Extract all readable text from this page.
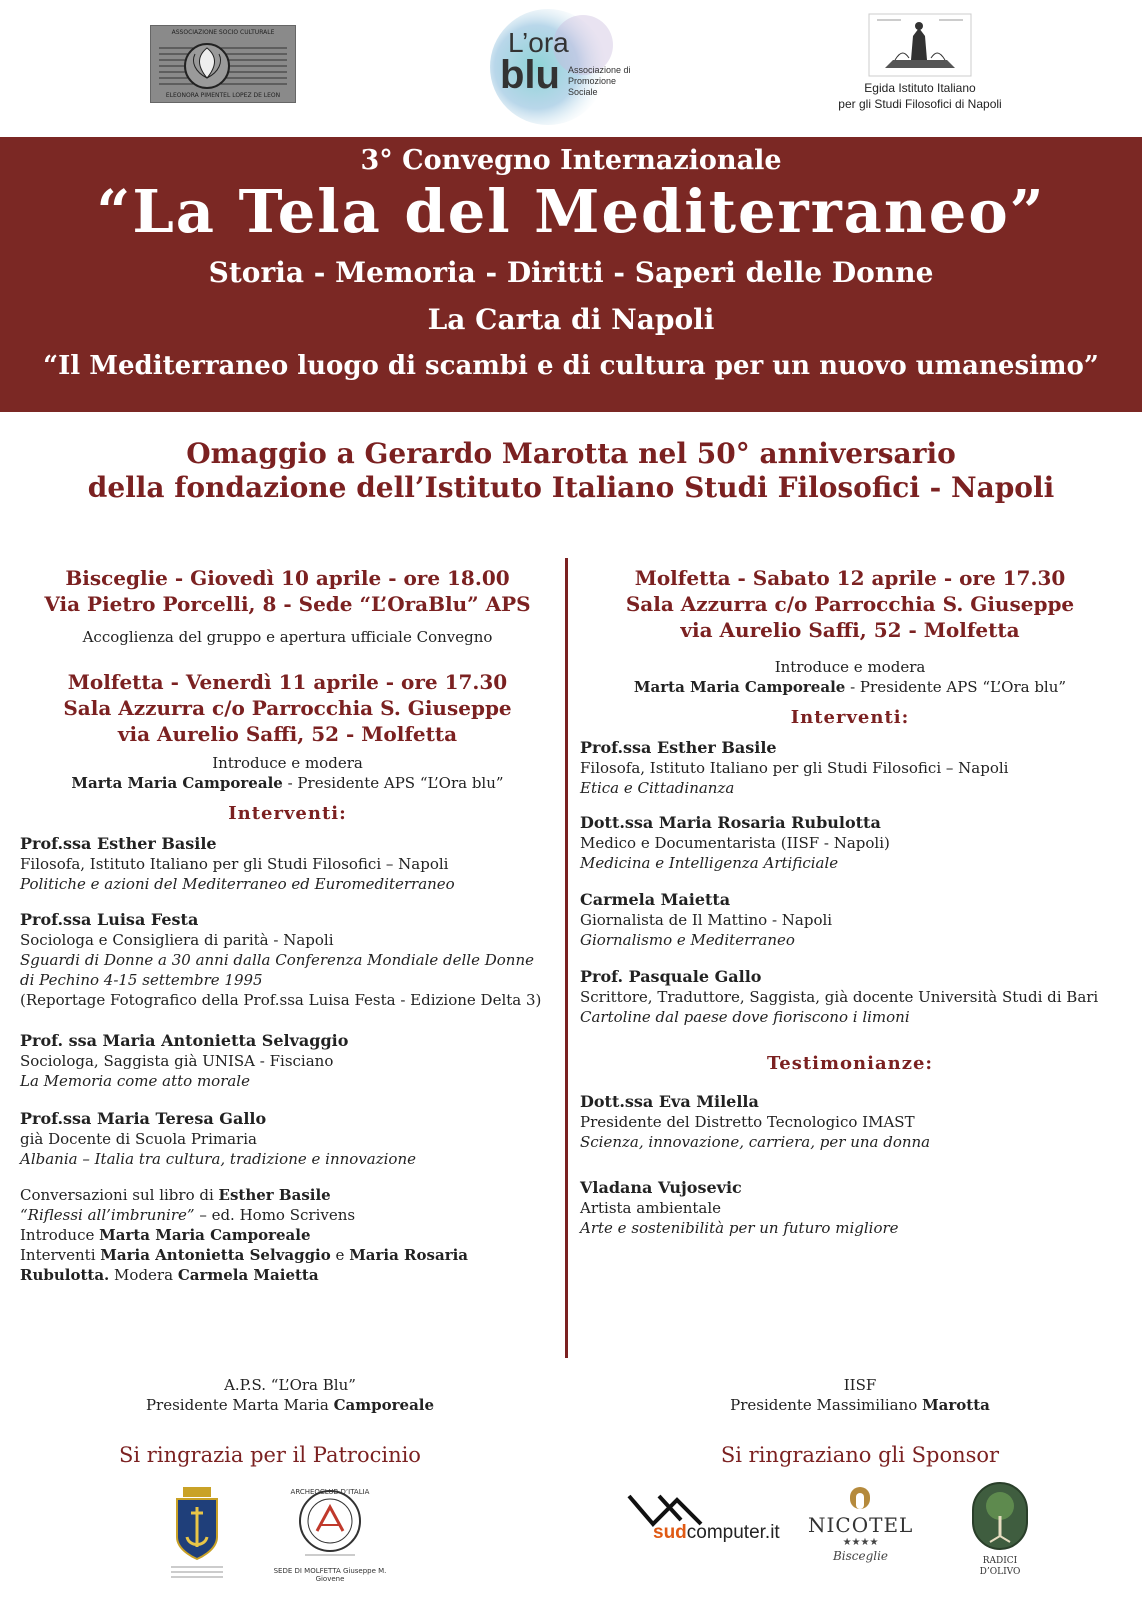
ASSOCIAZIONE SOCIO CULTURALE
ELEONORA PIMENTEL LOPEZ DE LEON
L’ora
blu Associazione di
Promozione
Sociale	Egida Istituto Italiano
per gli Studi Filosofici di Napoli
3° Convegno Internazionale
“La Tela del Mediterraneo”
Storia - Memoria - Diritti - Saperi delle Donne
La Carta di Napoli
“Il Mediterraneo luogo di scambi e di cultura per un nuovo umanesimo”
Omaggio a Gerardo Marotta nel 50° anniversario
della fondazione dell’Istituto Italiano Studi Filosofici - Napoli
Bisceglie - Giovedì 10 aprile - ore 18.00
Via Pietro Porcelli, 8 - Sede “L’OraBlu” APS
Accoglienza del gruppo e apertura ufficiale Convegno
Molfetta - Venerdì 11 aprile - ore 17.30
Sala Azzurra c/o Parrocchia S. Giuseppe
via Aurelio Saffi, 52 - Molfetta
Introduce e modera
Marta Maria Camporeale - Presidente APS “L’Ora blu”
Interventi:
Prof.ssa Esther Basile
Filosofa, Istituto Italiano per gli Studi Filosofici – Napoli
Politiche e azioni del Mediterraneo ed Euromediterraneo
Prof.ssa Luisa Festa
Sociologa e Consigliera di parità - Napoli
Sguardi di Donne a 30 anni dalla Conferenza Mondiale delle Donne di Pechino 4-15 settembre 1995
(Reportage Fotografico della Prof.ssa Luisa Festa - Edizione Delta 3)
Prof. ssa Maria Antonietta Selvaggio
Sociologa, Saggista già UNISA - Fisciano
La Memoria come atto morale
Prof.ssa Maria Teresa Gallo
già Docente di Scuola Primaria
Albania – Italia tra cultura, tradizione e innovazione
Conversazioni sul libro di Esther Basile
“Riflessi all’imbrunire” – ed. Homo Scrivens
Introduce Marta Maria Camporeale
Interventi Maria Antonietta Selvaggio e Maria Rosaria
Rubulotta. Modera Carmela Maietta
Molfetta - Sabato 12 aprile - ore 17.30
Sala Azzurra c/o Parrocchia S. Giuseppe
via Aurelio Saffi, 52 - Molfetta
Introduce e modera
Marta Maria Camporeale - Presidente APS “L’Ora blu”
Interventi:
Prof.ssa Esther Basile
Filosofa, Istituto Italiano per gli Studi Filosofici – Napoli
Etica e Cittadinanza
Dott.ssa Maria Rosaria Rubulotta
Medico e Documentarista (IISF - Napoli)
Medicina e Intelligenza Artificiale
Carmela Maietta
Giornalista de Il Mattino - Napoli
Giornalismo e Mediterraneo
Prof. Pasquale Gallo
Scrittore, Traduttore, Saggista, già docente Università Studi di Bari
Cartoline dal paese dove fioriscono i limoni
Testimonianze:
Dott.ssa Eva Milella
Presidente del Distretto Tecnologico IMAST
Scienza, innovazione, carriera, per una donna
Vladana Vujosevic
Artista ambientale
Arte e sostenibilità per un futuro migliore
A.P.S. “L’Ora Blu”
Presidente Marta Maria Camporeale
IISF
Presidente Massimiliano Marotta
Si ringrazia per il Patrocinio	Si ringraziano gli Sponsor
ARCHEOCLUB D’ITALIA
SEDE DI MOLFETTA Giuseppe M. Giovene
sudcomputer.it NICOTEL
★★★★
Bisceglie	RADICI
D’OLIVO
